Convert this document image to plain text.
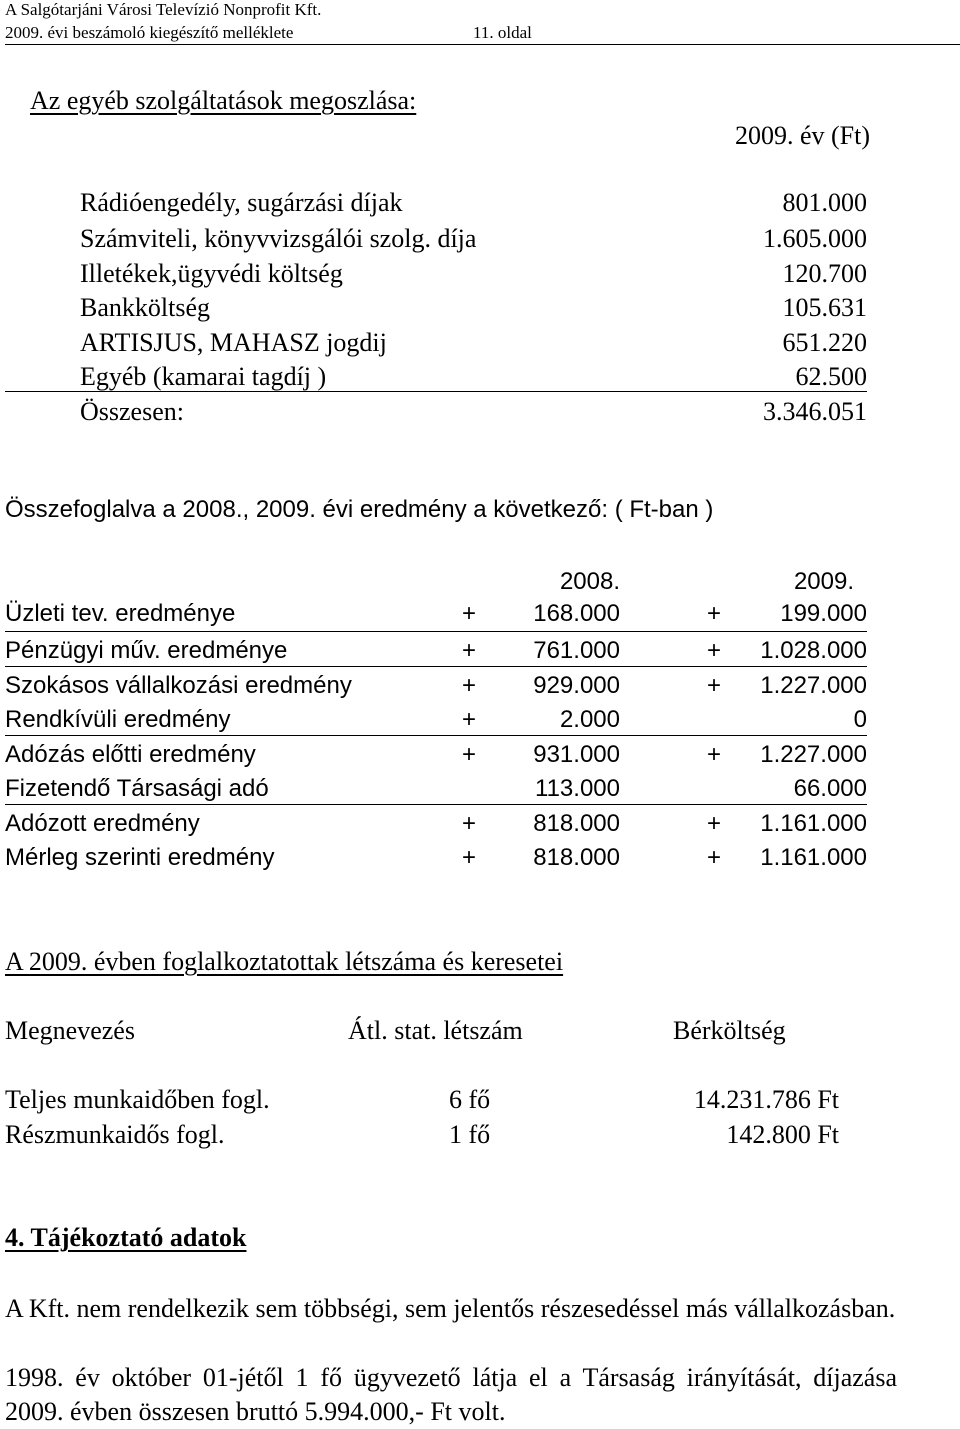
A Salgótarjáni Városi Televízió Nonprofit Kft.
2009. évi beszámoló kiegészítő melléklete	11. oldal
Az egyéb szolgáltatások megoszlása:
2009. év (Ft)
Rádióengedély, sugárzási díjak	801.000
Számviteli, könyvvizsgálói szolg. díja	1.605.000
Illetékek,ügyvédi költség	120.700
Bankköltség	105.631
ARTISJUS, MAHASZ jogdij	651.220
Egyéb (kamarai tagdíj )	62.500
Összesen:	3.346.051
Összefoglalva a 2008., 2009. évi eredmény a következő: ( Ft-ban )
2008.	2009.
Üzleti tev. eredménye	+ 168.000	+ 199.000
Pénzügyi műv. eredménye	+ 761.000	+ 1.028.000
Szokásos vállalkozási eredmény	+ 929.000	+ 1.227.000
Rendkívüli eredmény	+	2.000	0
Adózás előtti eredmény	+ 931.000	+ 1.227.000
Fizetendő Társasági adó	113.000	66.000
Adózott eredmény	+ 818.000	+ 1.161.000
Mérleg szerinti eredmény	+ 818.000	+ 1.161.000
A 2009. évben foglalkoztatottak létszáma és keresetei
Megnevezés	Átl. stat. létszám	Bérköltség
Teljes munkaidőben fogl.	6 fő	14.231.786 Ft
Részmunkaidős fogl.	1 fő	142.800 Ft
4. Tájékoztató adatok
A Kft. nem rendelkezik sem többségi, sem jelentős részesedéssel más vállalkozásban.
1998. év október 01-jétől 1 fő ügyvezető látja el a Társaság irányítását, díjazása 2009. évben összesen bruttó 5.994.000,- Ft volt.
